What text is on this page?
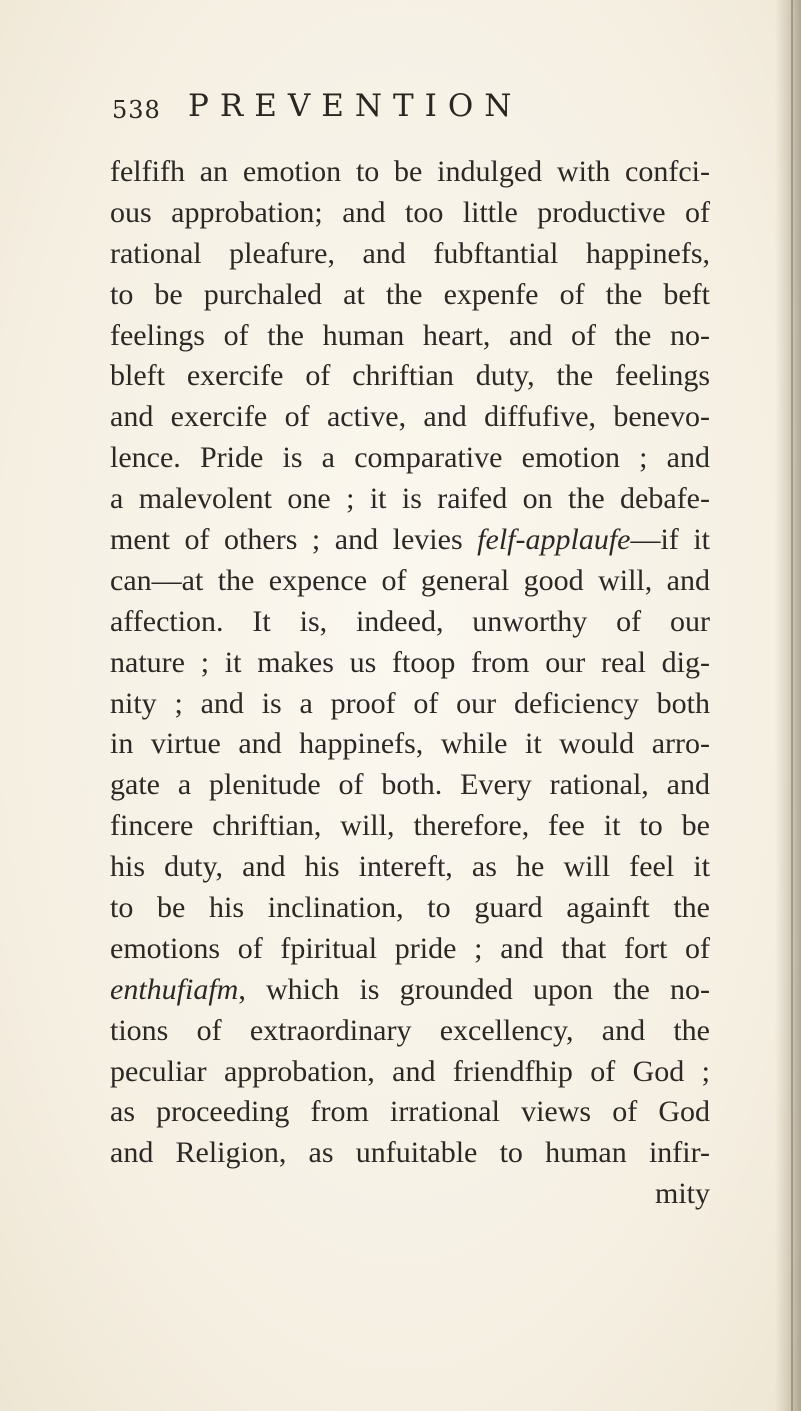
538 PREVENTION
felfifh an emotion to be indulged with confci-
ous approbation; and too little productive of
rational pleafure, and fubftantial happinefs,
to be purchaled at the expenfe of the beft
feelings of the human heart, and of the no-
bleft exercife of chriftian duty, the feelings
and exercife of active, and diffufive, benevo-
lence. Pride is a comparative emotion ; and
a malevolent one ; it is raifed on the debafe-
ment of others ; and levies felf-applaufe—if it
can—at the expence of general good will, and
affection. It is, indeed, unworthy of our
nature ; it makes us ftoop from our real dig-
nity ; and is a proof of our deficiency both
in virtue and happinefs, while it would arro-
gate a plenitude of both. Every rational, and
fincere chriftian, will, therefore, fee it to be
his duty, and his intereft, as he will feel it
to be his inclination, to guard againft the
emotions of fpiritual pride ; and that fort of
enthufiafm, which is grounded upon the no-
tions of extraordinary excellency, and the
peculiar approbation, and friendfhip of God ;
as proceeding from irrational views of God
and Religion, as unfuitable to human infir-
mity
